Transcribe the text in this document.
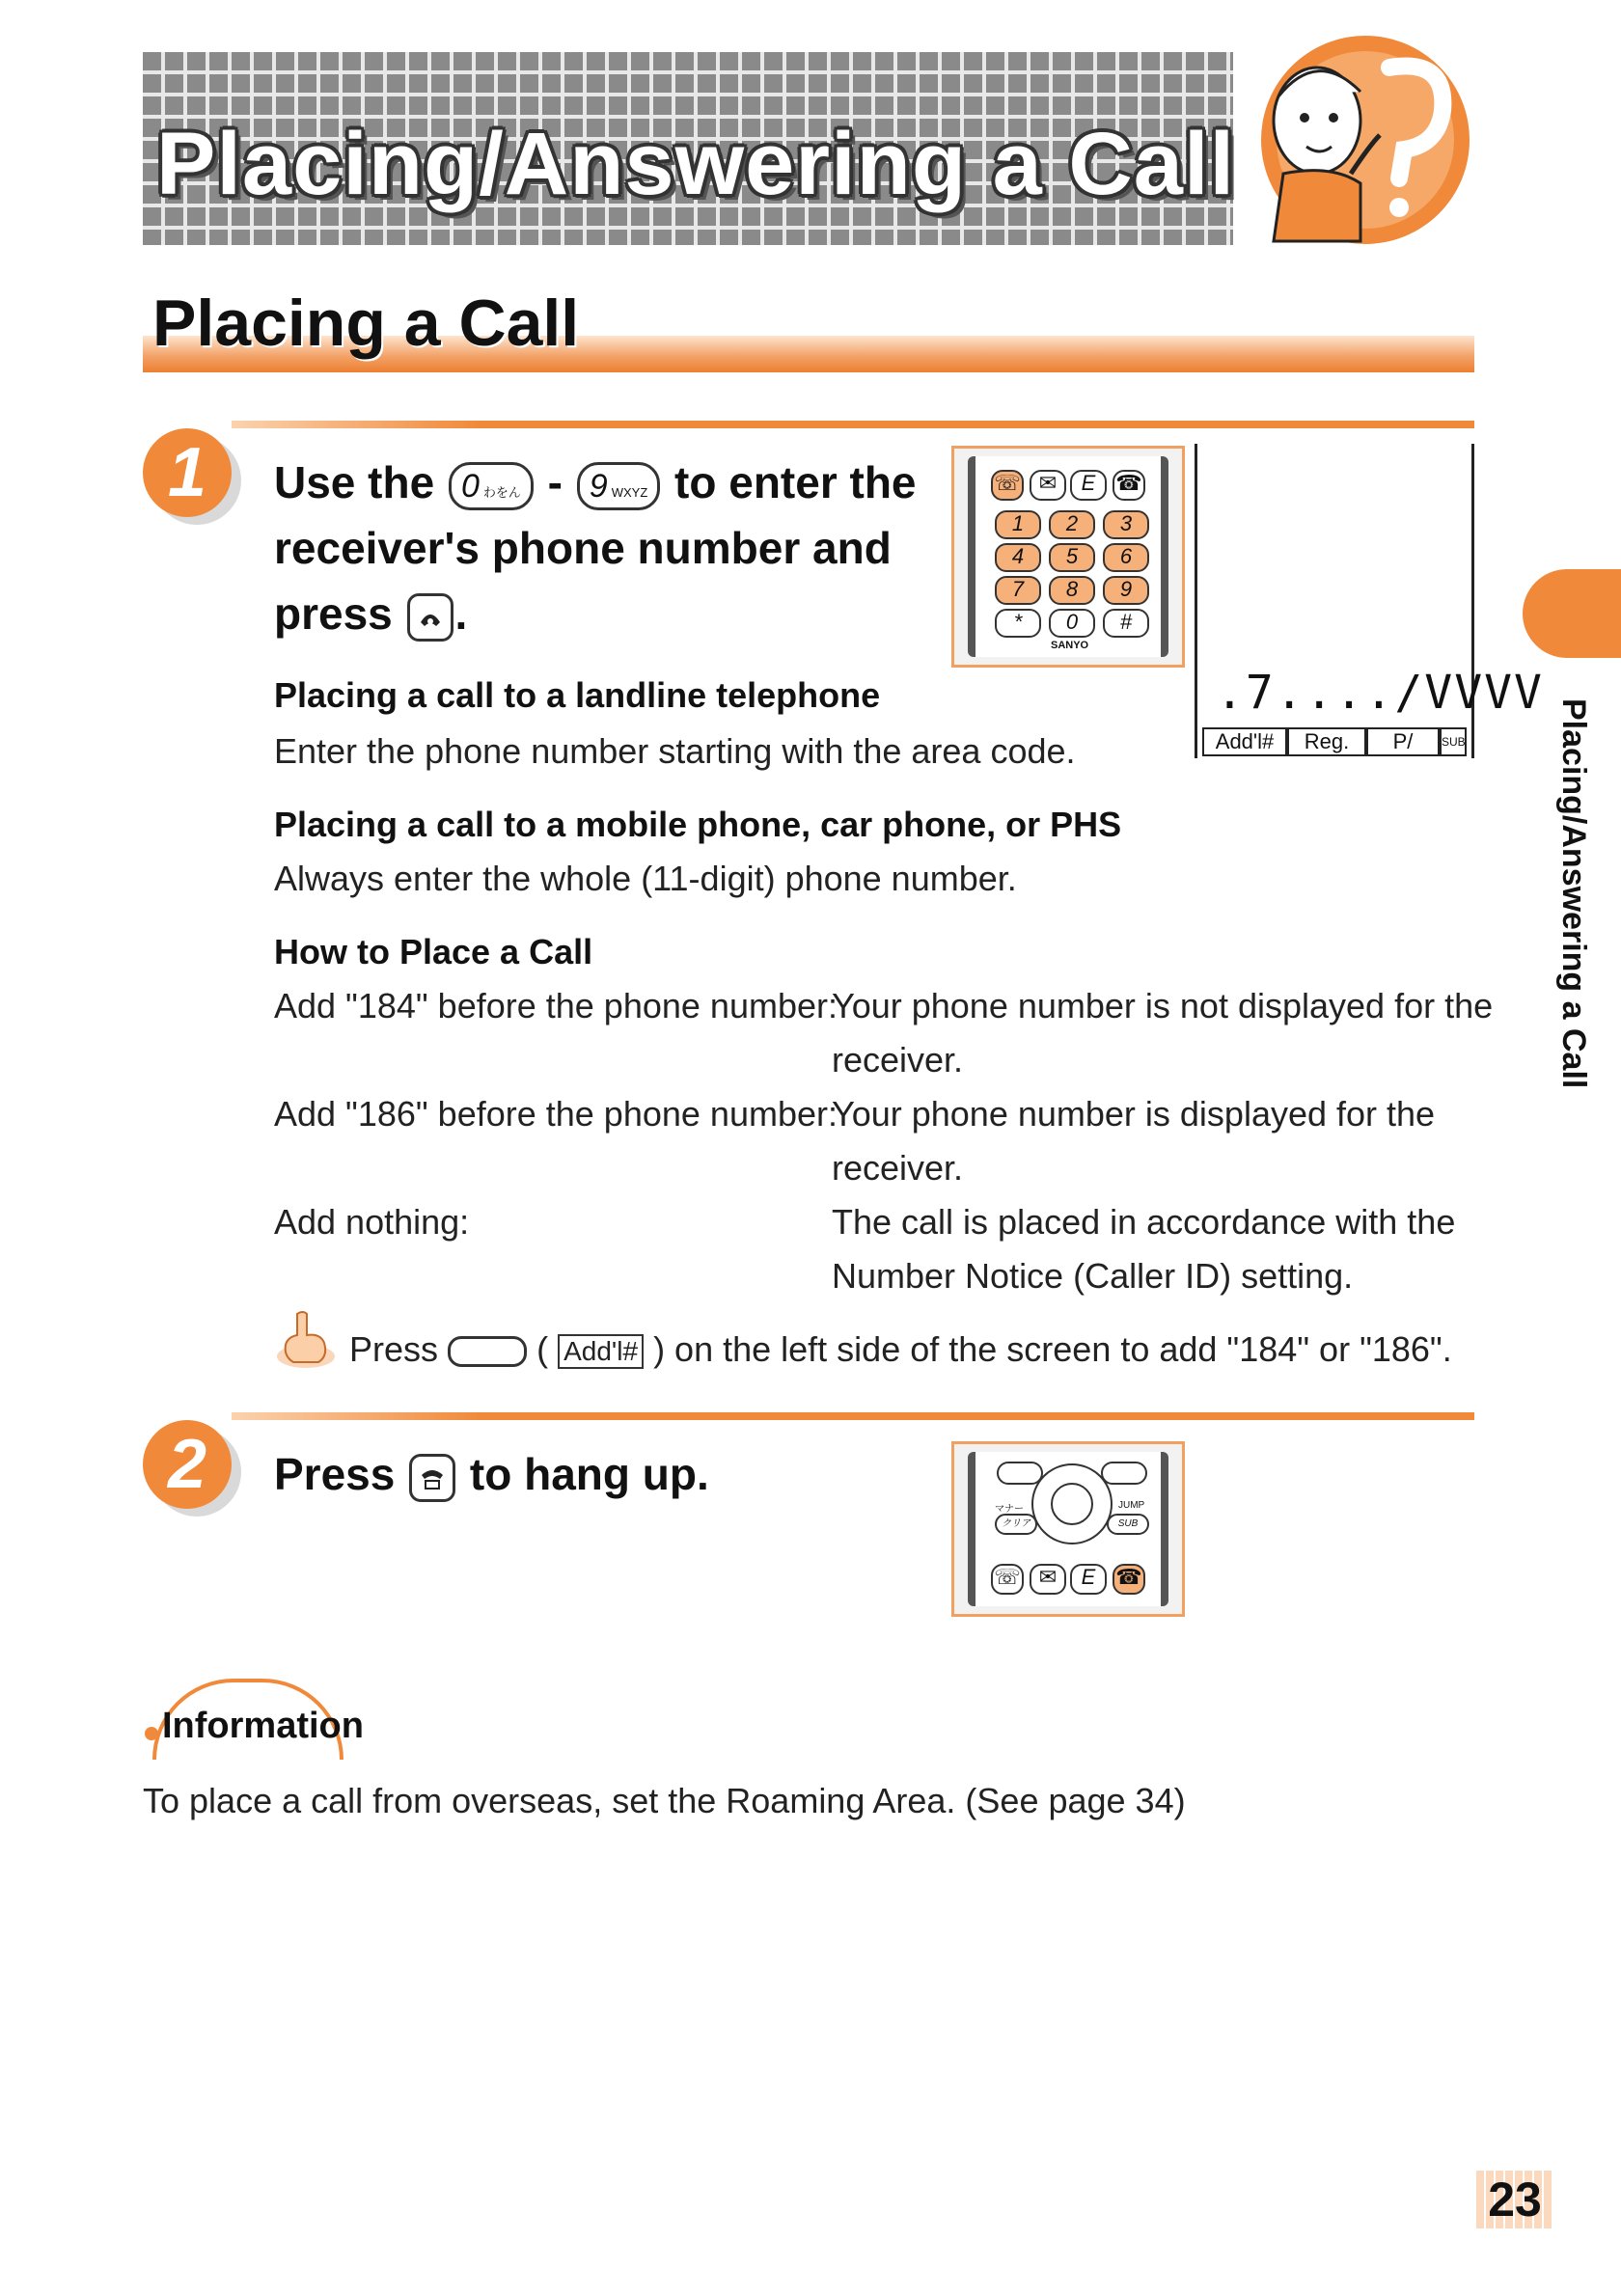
Placing/Answering a Call
Placing a Call
Placing/Answering a Call
1	Use the 0 わをん - 9 WXYZ to enter the
receiver's phone number and
press .
☏ ✉	E ☎
1	2	3
4	5	6
7	8	9
*	0	#
SANYO
.7..../VVVV
Add'l#	Reg.	P/	SUB
Placing a call to a landline telephone
Enter the phone number starting with the area code.
Placing a call to a mobile phone, car phone, or PHS
Always enter the whole (11-digit) phone number.
How to Place a Call
Add "184" before the phone number:
Your phone number is not displayed for the
receiver.
Add "186" before the phone number:
Your phone number is displayed for the
receiver.
Add nothing:	The call is placed in accordance with the
Number Notice (Caller ID) setting.
Press	( Add'l# ) on the left side of the screen to add "184" or "186".
2	Press to hang up.
マナー	JUMP
クリア	SUB
☏ ✉	E ☎
Information
To place a call from overseas, set the Roaming Area. (See page 34)
23
